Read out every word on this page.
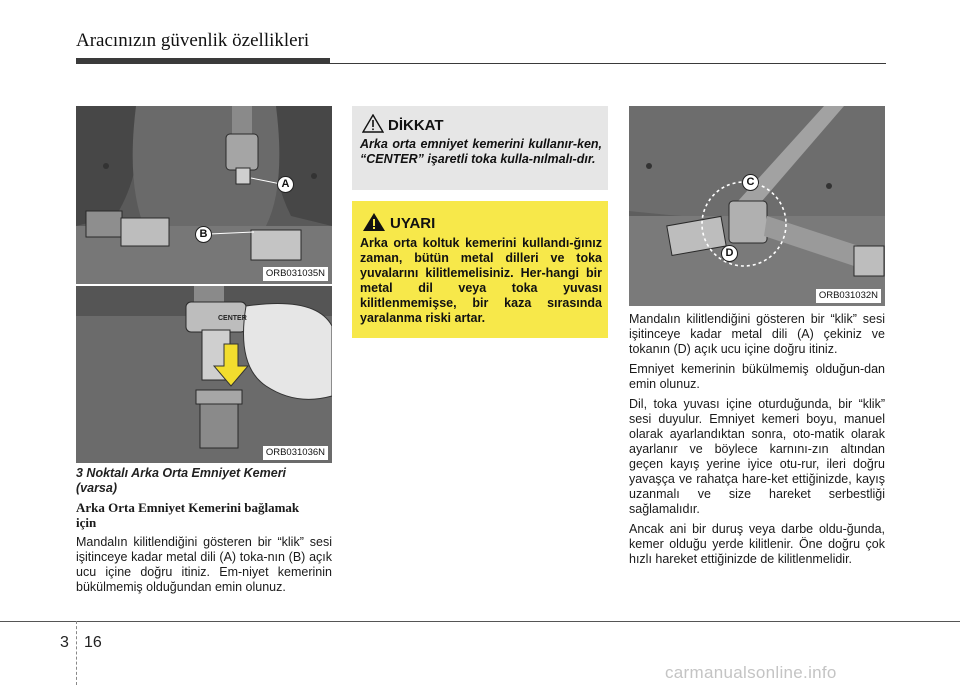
Aracınızın güvenlik özellikleri
A
B
ORB031035N
CENTER
ORB031036N
3 Noktalı Arka Orta Emniyet Kemeri
(varsa)
Arka Orta Emniyet Kemerini bağlamak
için

Mandalın kilitlendiğini gösteren bir “klik” sesi işitinceye kadar metal dili (A) toka-nın (B) açık ucu içine doğru itiniz. Em-niyet kemerinin bükülmemiş olduğundan emin olunuz.

DİKKAT
Arka orta emniyet kemerini kullanır-ken, “CENTER” işaretli toka kulla-nılmalı-dır.
UYARI
Arka orta koltuk kemerini kullandı-ğınız zaman, bütün metal dilleri ve toka yuvalarını kilitlemelisiniz. Her-hangi bir metal dil veya toka yuvası kilitlenmemişse, bir kaza sırasında yaralanma riski artar.
C
D
ORB031032N

Mandalın kilitlendiğini gösteren bir “klik” sesi işitinceye kadar metal dili (A) çekiniz ve tokanın (D) açık ucu içine doğru itiniz.

Emniyet kemerinin bükülmemiş olduğun-dan emin olunuz.

Dil, toka yuvası içine oturduğunda, bir “klik” sesi duyulur. Emniyet kemeri boyu, manuel olarak ayarlandıktan sonra, oto-matik olarak ayarlanır ve böylece karnını-zın altından geçen kayış yerine iyice otu-rur, ileri doğru yavaşça ve rahatça hare-ket ettiğinizde, kayış uzanmalı ve size hareket serbestliği sağlamalıdır.

Ancak ani bir duruş veya darbe oldu-ğunda, kemer olduğu yerde kilitlenir. Öne doğru çok hızlı hareket ettiğinizde de kilitlenmelidir.

3 16
carmanualsonline.info
